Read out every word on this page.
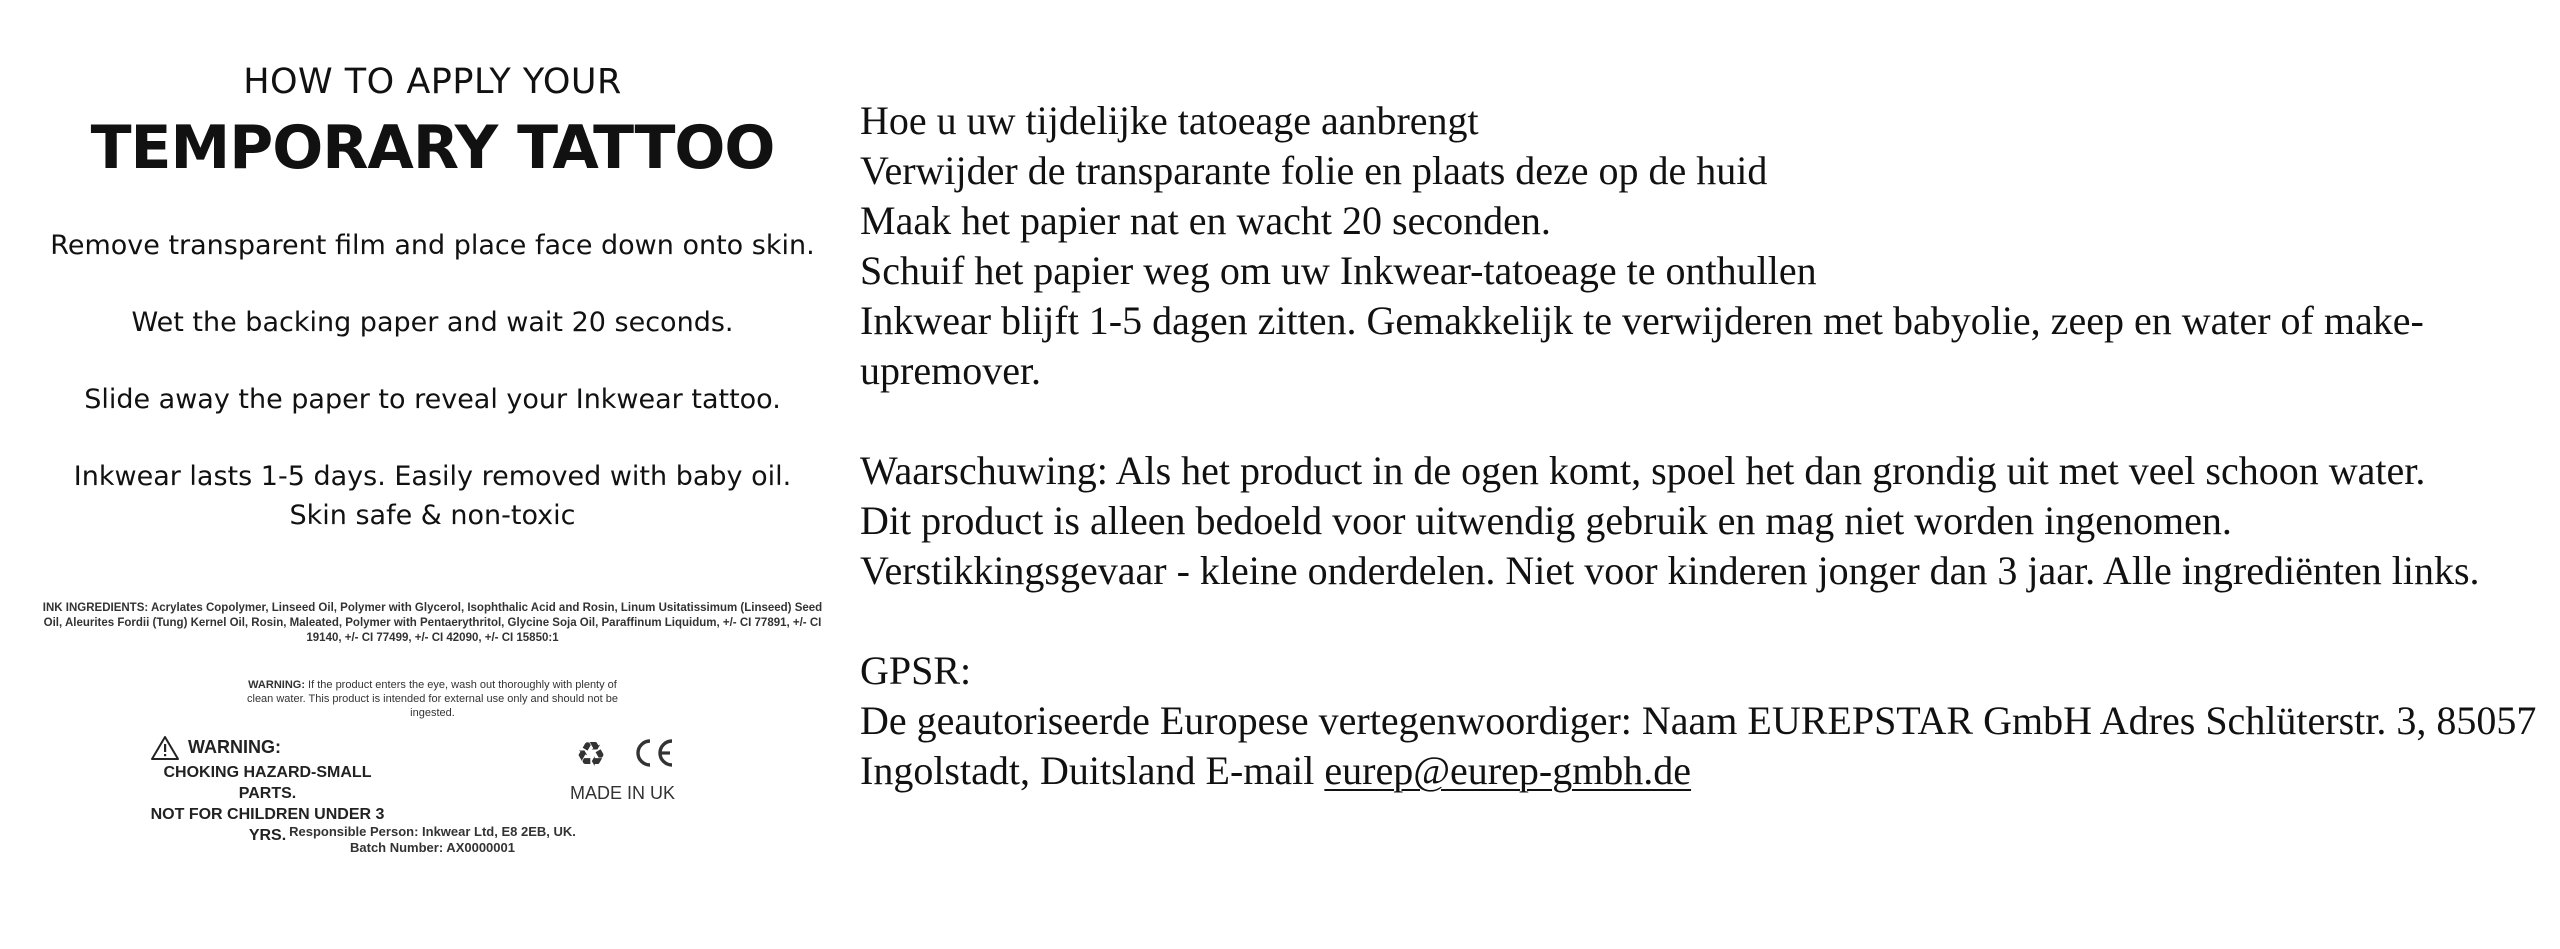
HOW TO APPLY YOUR
TEMPORARY TATTOO

Remove transparent film and place face down onto skin.

Wet the backing paper and wait 20 seconds.

Slide away the paper to reveal your Inkwear tattoo.

Inkwear lasts 1-5 days. Easily removed with baby oil.
Skin safe & non-toxic

INK INGREDIENTS: Acrylates Copolymer, Linseed Oil, Polymer with Glycerol, Isophthalic Acid and Rosin, Linum Usitatissimum (Linseed) Seed Oil, Aleurites Fordii (Tung) Kernel Oil, Rosin, Maleated, Polymer with Pentaerythritol, Glycine Soja Oil, Paraffinum Liquidum, +/- CI 77891, +/- CI 19140, +/- CI 77499, +/- CI 42090, +/- CI 15850:1
WARNING: If the product enters the eye, wash out thoroughly with plenty of clean water. This product is intended for external use only and should not be ingested.
WARNING:
CHOKING HAZARD-SMALL PARTS.
NOT FOR CHILDREN UNDER 3 YRS.
♻
MADE IN UK
Responsible Person: Inkwear Ltd, E8 2EB, UK.
Batch Number: AX0000001
Hoe u uw tijdelijke tatoeage aanbrengt
Verwijder de transparante folie en plaats deze op de huid
Maak het papier nat en wacht 20 seconden.
Schuif het papier weg om uw Inkwear-tatoeage te onthullen
Inkwear blijft 1-5 dagen zitten. Gemakkelijk te verwijderen met babyolie, zeep en water of make-upremover.
Waarschuwing: Als het product in de ogen komt, spoel het dan grondig uit met veel schoon water.
Dit product is alleen bedoeld voor uitwendig gebruik en mag niet worden ingenomen.
Verstikkingsgevaar - kleine onderdelen. Niet voor kinderen jonger dan 3 jaar. Alle ingrediënten links.
GPSR:
De geautoriseerde Europese vertegenwoordiger: Naam EUREPSTAR GmbH Adres Schlüterstr. 3, 85057 Ingolstadt, Duitsland E-mail eurep@eurep-gmbh.de
